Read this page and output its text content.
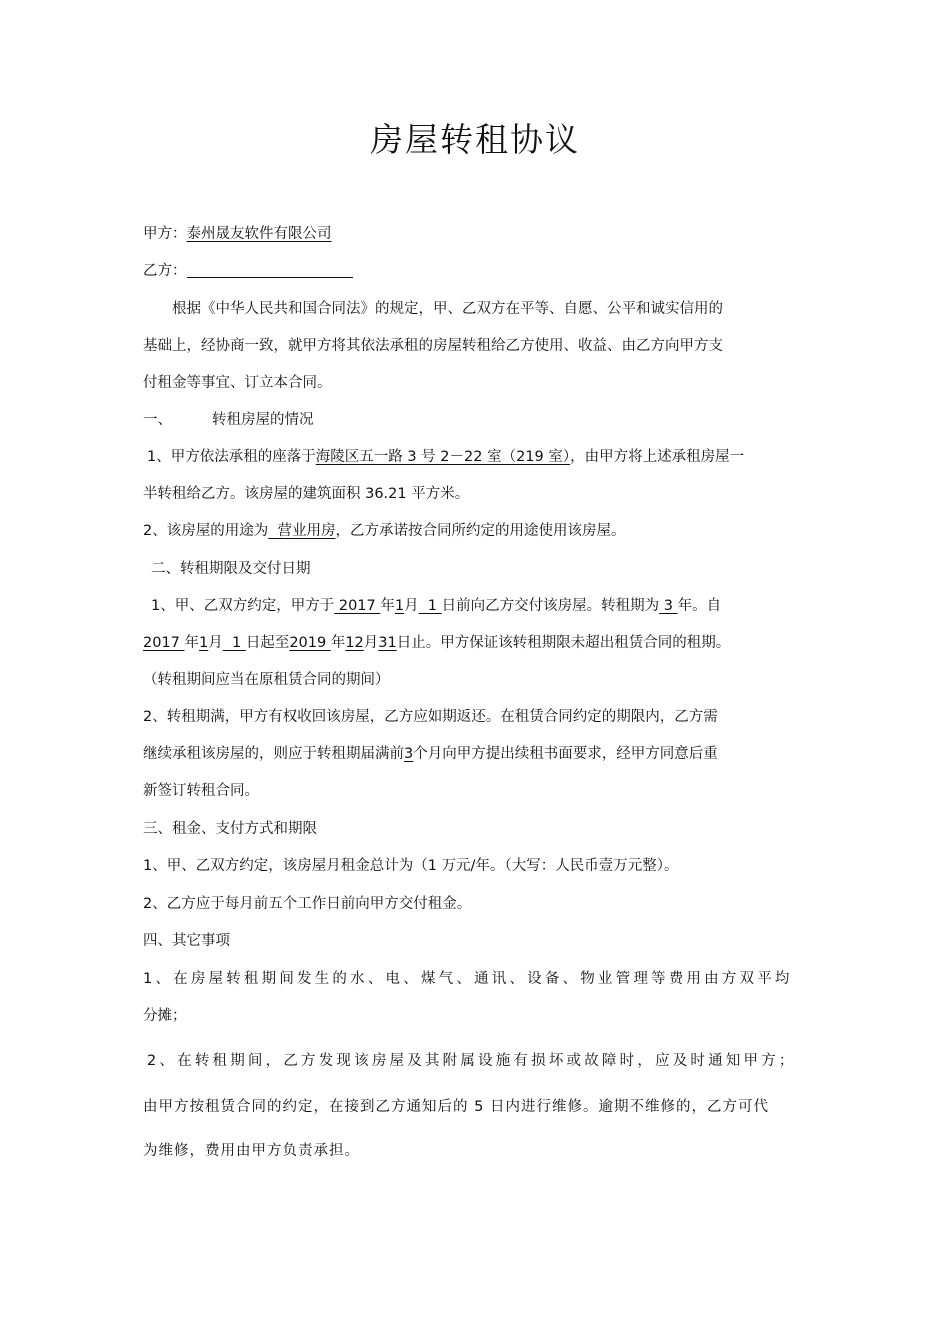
房屋转租协议
甲方：泰州晟友软件有限公司
乙方：
根据《中华人民共和国合同法》的规定，甲、乙双方在平等、自愿、公平和诚实信用的
基础上，经协商一致，就甲方将其依法承租的房屋转租给乙方使用、收益、由乙方向甲方支
付租金等事宜、订立本合同。
一、	转租房屋的情况
1、甲方依法承租的座落于海陵区五一路 3 号 2－22 室（219 室），由甲方将上述承租房屋一
半转租给乙方。该房屋的建筑面积 36.21 平方米。
2、该房屋的用途为  营业用房，乙方承诺按合同所约定的用途使用该房屋。
二、转租期限及交付日期
1、甲、乙双方约定，甲方于 2017 年1月  1 日前向乙方交付该房屋。转租期为 3 年。自
2017 年1月  1 日起至2019 年12月31日止。甲方保证该转租期限未超出租赁合同的租期。
（转租期间应当在原租赁合同的期间）
2、转租期满，甲方有权收回该房屋，乙方应如期返还。在租赁合同约定的期限内，乙方需
继续承租该房屋的，则应于转租期届满前3个月向甲方提出续租书面要求，经甲方同意后重
新签订转租合同。
三、租金、支付方式和期限
1、甲、乙双方约定，该房屋月租金总计为（1 万元/年。（大写：人民币壹万元整）。
2、乙方应于每月前五个工作日前向甲方交付租金。
四、其它事项
1、在房屋转租期间发生的水、电、煤气、通讯、设备、物业管理等费用由方双平均
分摊；
2、在转租期间，乙方发现该房屋及其附属设施有损坏或故障时，应及时通知甲方；
由甲方按租赁合同的约定，在接到乙方通知后的 5 日内进行维修。逾期不维修的，乙方可代
为维修，费用由甲方负责承担。
